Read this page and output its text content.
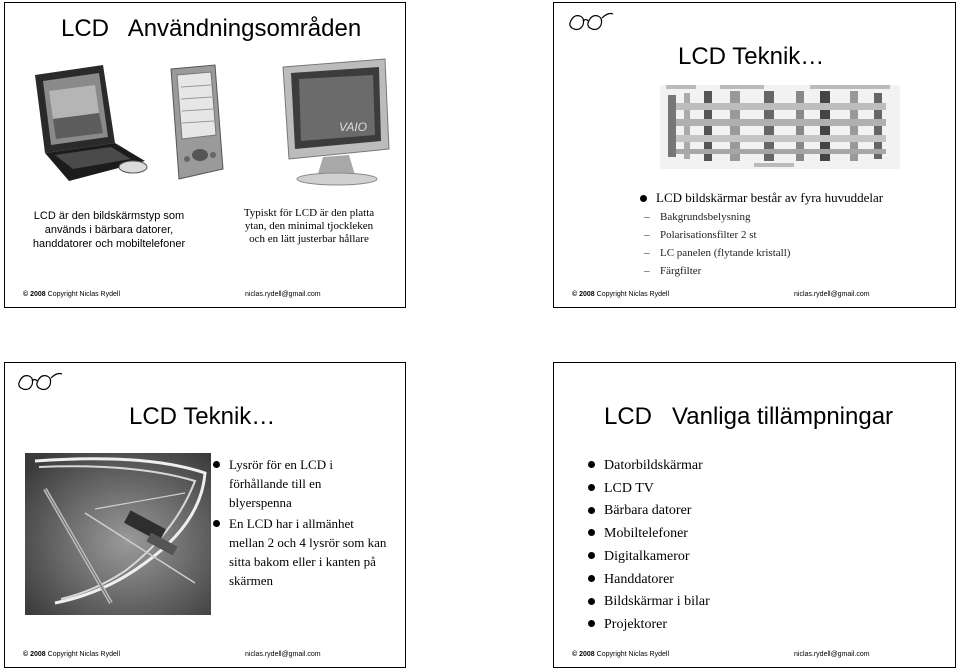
LCD   Användningsområden
VAIO
LCD är den bildskärmstyp som används i bärbara datorer, handdatorer och mobiltelefoner
Typiskt för LCD är den platta ytan, den minimal tjockleken och en lätt justerbar hållare
© 2008 Copyright Niclas Rydell	niclas.rydell@gmail.com
LCD Teknik…
LCD bildskärmar består av fyra huvuddelar
– Bakgrundsbelysning
– Polarisationsfilter 2 st
– LC panelen (flytande kristall)
– Färgfilter
© 2008 Copyright Niclas Rydell	niclas.rydell@gmail.com
LCD Teknik…
Lysrör för en LCD i förhållande till en blyerspenna
En LCD har i allmänhet mellan 2 och 4 lysrör som kan sitta bakom eller i kanten på skärmen
© 2008 Copyright Niclas Rydell	niclas.rydell@gmail.com
LCD   Vanliga tillämpningar
Datorbildskärmar
LCD TV
Bärbara datorer
Mobiltelefoner
Digitalkameror
Handdatorer
Bildskärmar i bilar
Projektorer
© 2008 Copyright Niclas Rydell	niclas.rydell@gmail.com
